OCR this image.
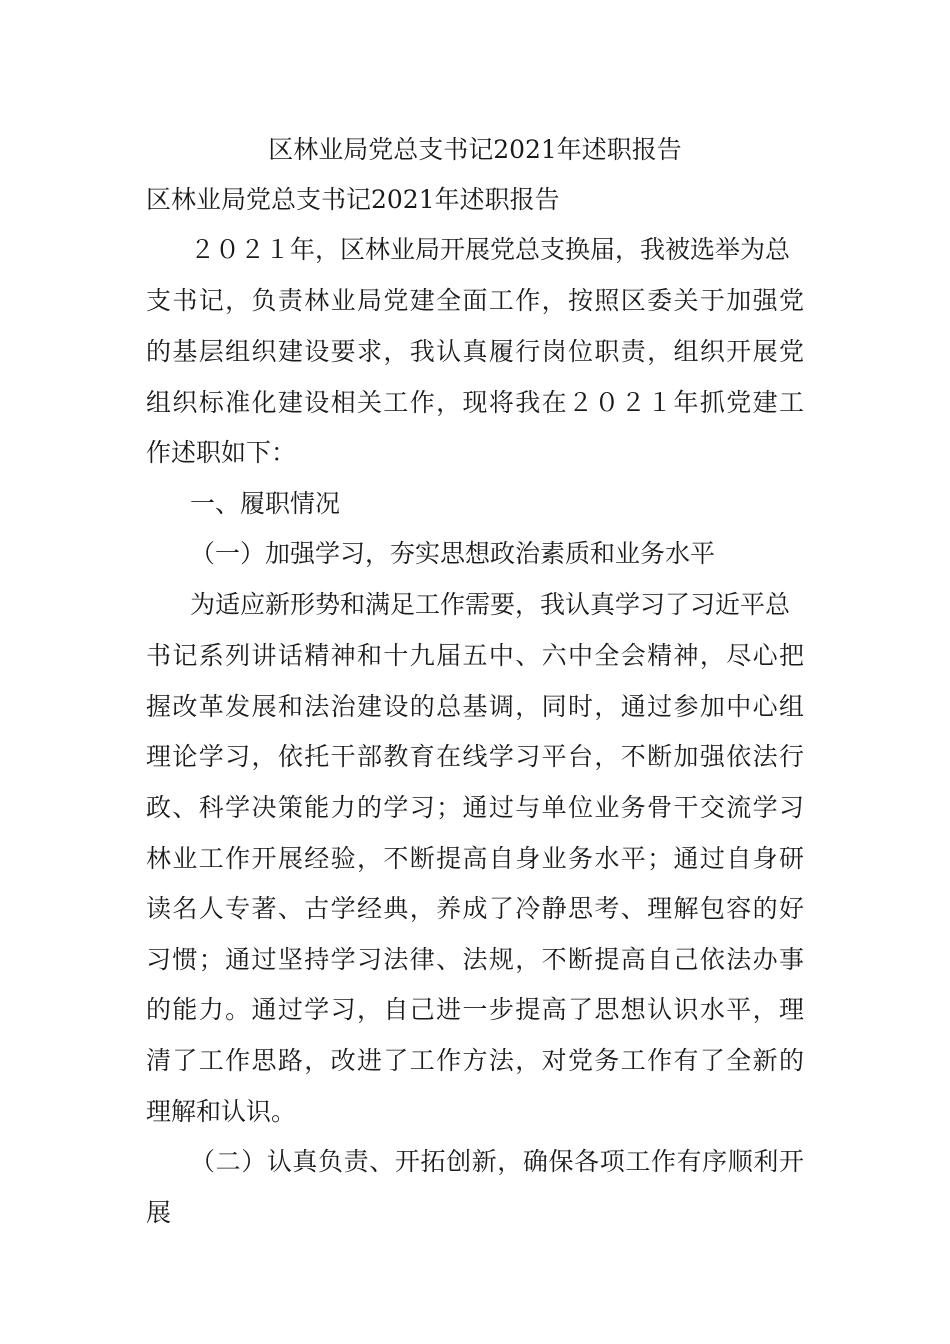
区林业局党总支书记2021年述职报告
区林业局党总支书记2021年述职报告
２０２１年，区林业局开展党总支换届，我被选举为总
支书记，负责林业局党建全面工作，按照区委关于加强党
的基层组织建设要求，我认真履行岗位职责，组织开展党
组织标准化建设相关工作，现将我在２０２１年抓党建工
作述职如下：
一、履职情况
（一）加强学习，夯实思想政治素质和业务水平
为适应新形势和满足工作需要，我认真学习了习近平总
书记系列讲话精神和十九届五中、六中全会精神，尽心把
握改革发展和法治建设的总基调，同时，通过参加中心组
理论学习，依托干部教育在线学习平台，不断加强依法行
政、科学决策能力的学习；通过与单位业务骨干交流学习
林业工作开展经验，不断提高自身业务水平；通过自身研
读名人专著、古学经典，养成了冷静思考、理解包容的好
习惯；通过坚持学习法律、法规，不断提高自己依法办事
的能力。通过学习，自己进一步提高了思想认识水平，理
清了工作思路，改进了工作方法，对党务工作有了全新的
理解和认识。
（二）认真负责、开拓创新，确保各项工作有序顺利开
展
